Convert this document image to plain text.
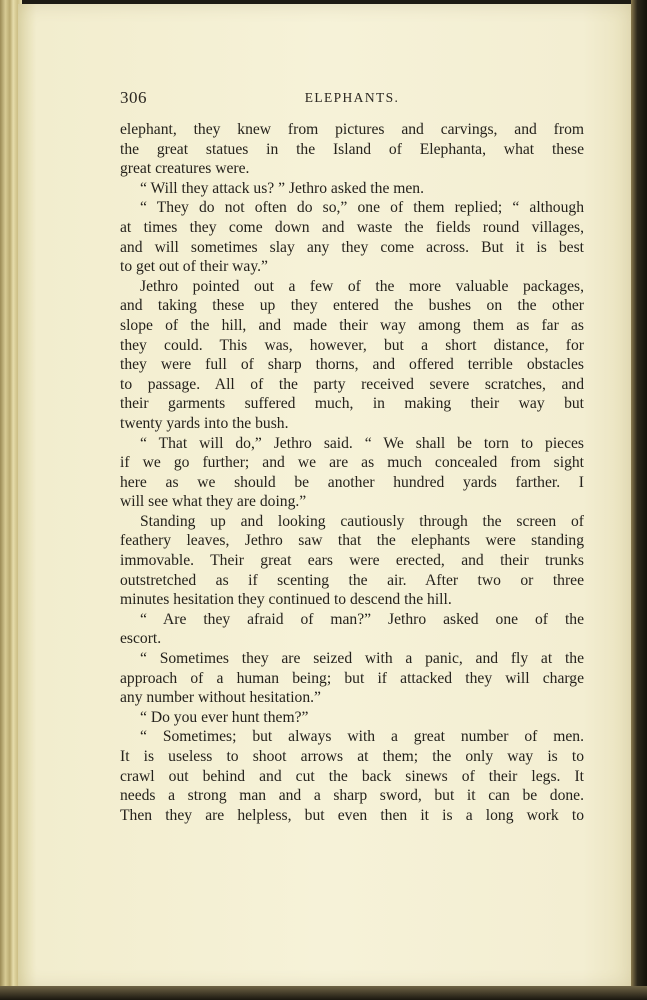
306	ELEPHANTS.
elephant, they knew from pictures and carvings, and from
the great statues in the Island of Elephanta, what these
great creatures were.
“ Will they attack us? ” Jethro asked the men.
“ They do not often do so,” one of them replied; “ although
at times they come down and waste the fields round villages,
and will sometimes slay any they come across. But it is best
to get out of their way.”
Jethro pointed out a few of the more valuable packages,
and taking these up they entered the bushes on the other
slope of the hill, and made their way among them as far as
they could. This was, however, but a short distance, for
they were full of sharp thorns, and offered terrible obstacles
to passage. All of the party received severe scratches, and
their garments suffered much, in making their way but
twenty yards into the bush.
“ That will do,” Jethro said. “ We shall be torn to pieces
if we go further; and we are as much concealed from sight
here as we should be another hundred yards farther. I
will see what they are doing.”
Standing up and looking cautiously through the screen of
feathery leaves, Jethro saw that the elephants were standing
immovable. Their great ears were erected, and their trunks
outstretched as if scenting the air. After two or three
minutes hesitation they continued to descend the hill.
“ Are they afraid of man?” Jethro asked one of the
escort.
“ Sometimes they are seized with a panic, and fly at the
approach of a human being; but if attacked they will charge
any number without hesitation.”
“ Do you ever hunt them?”
“ Sometimes; but always with a great number of men.
It is useless to shoot arrows at them; the only way is to
crawl out behind and cut the back sinews of their legs. It
needs a strong man and a sharp sword, but it can be done.
Then they are helpless, but even then it is a long work to
